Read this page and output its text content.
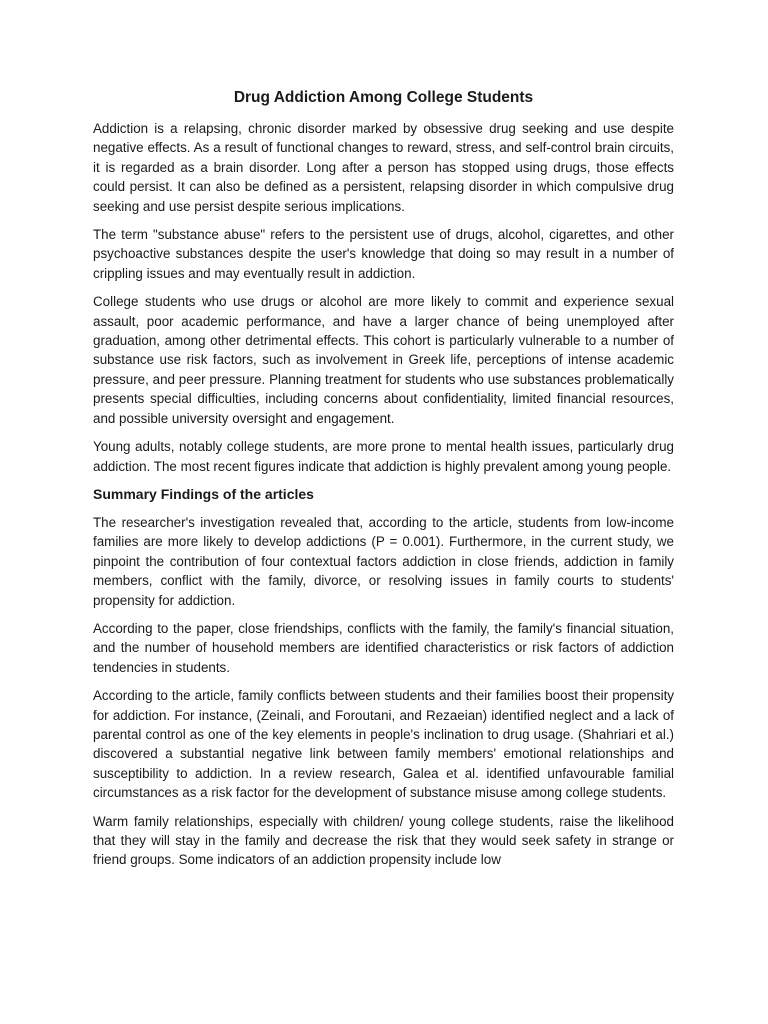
Drug Addiction Among College Students

Addiction is a relapsing, chronic disorder marked by obsessive drug seeking and use despite negative effects. As a result of functional changes to reward, stress, and self-control brain circuits, it is regarded as a brain disorder. Long after a person has stopped using drugs, those effects could persist. It can also be defined as a persistent, relapsing disorder in which compulsive drug seeking and use persist despite serious implications.

The term "substance abuse" refers to the persistent use of drugs, alcohol, cigarettes, and other psychoactive substances despite the user's knowledge that doing so may result in a number of crippling issues and may eventually result in addiction.

College students who use drugs or alcohol are more likely to commit and experience sexual assault, poor academic performance, and have a larger chance of being unemployed after graduation, among other detrimental effects. This cohort is particularly vulnerable to a number of substance use risk factors, such as involvement in Greek life, perceptions of intense academic pressure, and peer pressure. Planning treatment for students who use substances problematically presents special difficulties, including concerns about confidentiality, limited financial resources, and possible university oversight and engagement.

Young adults, notably college students, are more prone to mental health issues, particularly drug addiction. The most recent figures indicate that addiction is highly prevalent among young people.

Summary Findings of the articles

The researcher's investigation revealed that, according to the article, students from low-income families are more likely to develop addictions (P = 0.001). Furthermore, in the current study, we pinpoint the contribution of four contextual factors addiction in close friends, addiction in family members, conflict with the family, divorce, or resolving issues in family courts to students' propensity for addiction.

According to the paper, close friendships, conflicts with the family, the family's financial situation, and the number of household members are identified characteristics or risk factors of addiction tendencies in students.

According to the article, family conflicts between students and their families boost their propensity for addiction. For instance, (Zeinali, and Foroutani, and Rezaeian) identified neglect and a lack of parental control as one of the key elements in people's inclination to drug usage. (Shahriari et al.) discovered a substantial negative link between family members' emotional relationships and susceptibility to addiction. In a review research, Galea et al. identified unfavourable familial circumstances as a risk factor for the development of substance misuse among college students.

Warm family relationships, especially with children/ young college students, raise the likelihood that they will stay in the family and decrease the risk that they would seek safety in strange or friend groups. Some indicators of an addiction propensity include low
